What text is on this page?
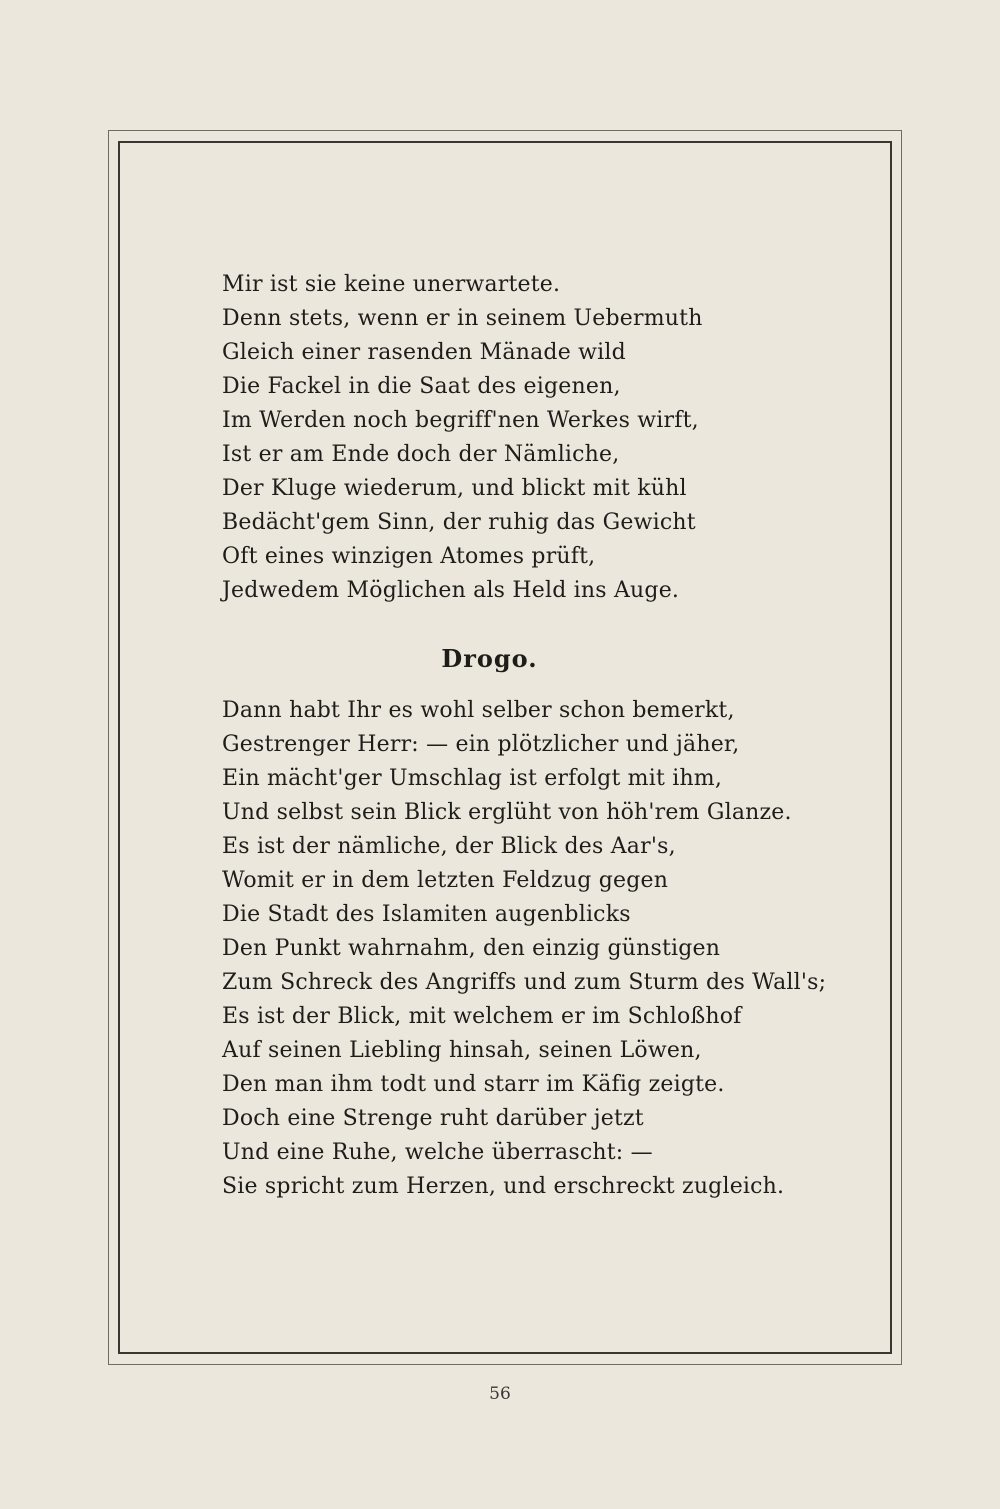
Mir ist sie keine unerwartete.
Denn stets, wenn er in seinem Uebermuth
Gleich einer rasenden Mänade wild
Die Fackel in die Saat des eigenen,
Im Werden noch begriff'nen Werkes wirft,
Ist er am Ende doch der Nämliche,
Der Kluge wiederum, und blickt mit kühl
Bedächt'gem Sinn, der ruhig das Gewicht
Oft eines winzigen Atomes prüft,
Jedwedem Möglichen als Held ins Auge.
Drogo.
Dann habt Ihr es wohl selber schon bemerkt,
Gestrenger Herr: — ein plötzlicher und jäher,
Ein mächt'ger Umschlag ist erfolgt mit ihm,
Und selbst sein Blick erglüht von höh'rem Glanze.
Es ist der nämliche, der Blick des Aar's,
Womit er in dem letzten Feldzug gegen
Die Stadt des Islamiten augenblicks
Den Punkt wahrnahm, den einzig günstigen
Zum Schreck des Angriffs und zum Sturm des Wall's;
Es ist der Blick, mit welchem er im Schloßhof
Auf seinen Liebling hinsah, seinen Löwen,
Den man ihm todt und starr im Käfig zeigte.
Doch eine Strenge ruht darüber jetzt
Und eine Ruhe, welche überrascht: —
Sie spricht zum Herzen, und erschreckt zugleich.
56
